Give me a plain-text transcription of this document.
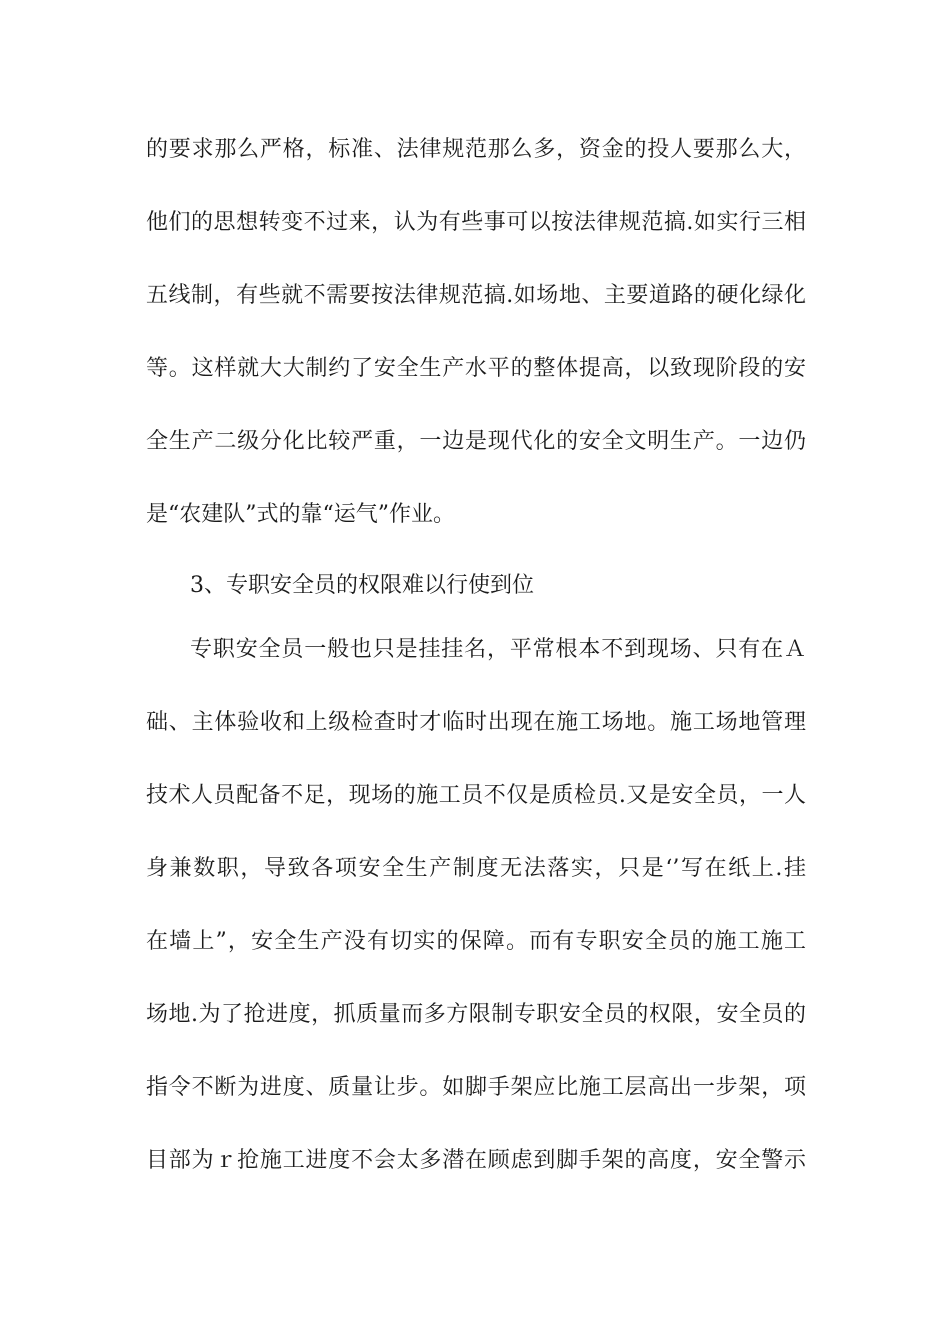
的要求那么严格，标准、法律规范那么多，资金的投人要那么大，
他们的思想转变不过来，认为有些事可以按法律规范搞.如实行三相
五线制，有些就不需要按法律规范搞.如场地、主要道路的硬化绿化
等。这样就大大制约了安全生产水平的整体提高，以致现阶段的安
全生产二级分化比较严重，一边是现代化的安全文明生产。一边仍
是“农建队”式的靠“运气”作业。
3、专职安全员的权限难以行使到位
专职安全员一般也只是挂挂名，平常根本不到现场、只有在Ａ
础、主体验收和上级检查时才临时出现在施工场地。施工场地管理
技术人员配备不足，现场的施工员不仅是质检员.又是安全员，一人
身兼数职，导致各项安全生产制度无法落实，只是‘’写在纸上.挂
在墙上”，安全生产没有切实的保障。而有专职安全员的施工施工
场地.为了抢进度，抓质量而多方限制专职安全员的权限，安全员的
指令不断为进度、质量让步。如脚手架应比施工层高出一步架，项
目部为ｒ抢施工进度不会太多潜在顾虑到脚手架的高度，安全警示
